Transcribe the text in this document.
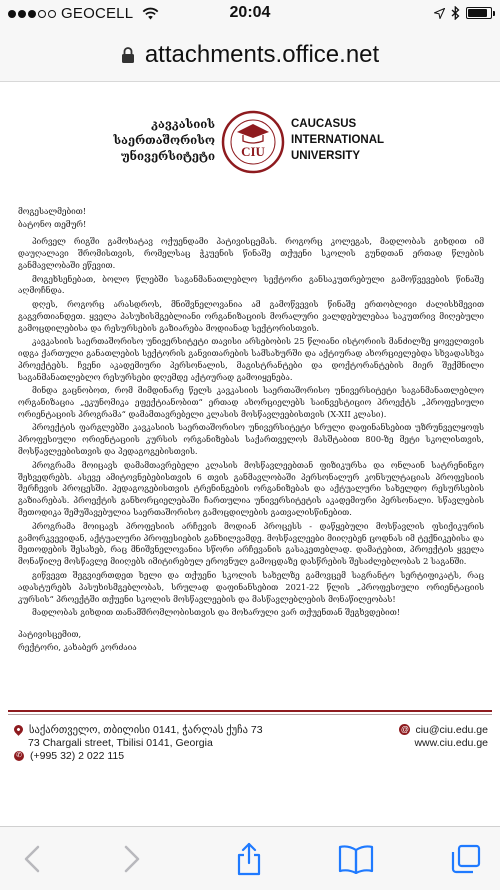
GEOCELL	20:04
attachments.office.net
კავკასიის
საერთაშორისო
უნივერსიტეტი CIU
CAUCASUS
INTERNATIONAL
UNIVERSITY

მოგესალმებით!

ბატონო თემურ!

პირველ რიგში გამოხატავ ოქუენდამი პატივისცემას. როგორც კოლეგას, მადლობას გიხდით იმ დაუღალავი შრომისთვის, რომელსაც ჭკუენის წინაშე თქუენი სკოლის გუნდთან ერთად წლების განმავლობაში ეწევით.

მოგეხსენებათ, ბოლო წლებში საგანმანათლებლო სექტორი განსაკუთრებული გამოწვევების წინაშე აღმოჩნდა.

დღეს, როგორც არასდროს, მნიშვნელოვანია ამ გამოწვევის წინაშე ერთობლივი ძალისხმევით გაგვრთიანდეთ. ყველა პასუხისმგებლიანი ორგანიზაციის მორალური ვალდებულებაა საკუთრივ მიღებული გამოცდილებისა და რესურსების გაზიარება მოდიანად სექტორისთვის.

კავკასიის საერთაშორისო უნივერსიტეტი თავისი არსებობის 25 წლიანი ისტორიის მანძილზე ყოველთვის იდგა ქართული განათლების სექტორის განვითარების სამსახურში და აქტიურად ახორციელებდა სხვადასხვა პროექტებს. ჩვენი აკადემიური პერსონალის, მაგისტრანტები და დოქტორანტების მიერ შექმნილი საგანმანათლებლო რესურსები დღემდე აქტიურად გამოიყენება.

მინდა გაცნობოთ, რომ მიმდინარე წელს კავკასიის საერთაშორისო უნივერსიტეტი საგანმანათლებლო ორგანიზაცია „ეკუნომიკა ეფექტიანობით“ ერთად ახორციელებს საინვესტიციო პროექტს „პროფესიული ორიენტაციის პროგრამა“ დამამთავრებელი კლასის მოსწავლეებისთვის (X-XII კლასი).

პროექტის ფარგლებში კავკასიის საერთაშორისო უნივერსიტეტი სრული დაფინანსებით უზრუნველყოფს პროფესიული ორიენტაციის კურსის ორგანიზებას საქართველოს მასშტაბით 800-ზე მეტი სკოლისთვის, მოსწავლეებისთვის და პედაგოგებისთვის.

პროგრამა მოიცავს დამამთავრებელი კლასის მოსწავლეებთან ფიზიკურსა და ონლაინ სატრენინგო შეხვედრებს. ასევე ამიტოვნებებისთვის 6 თვის განმავლობაში პერსონალურ კონსულტაციას პროფესიის შერჩევის პროცესში. პედაგოგებისთვის ტრენინგების ორგანიზებას და აქტუალური სახელდო რესურსების გაზიარებას. პროექტის განხორციელებაში ჩართულია უნივერსიტეტის აკადემიური პერსონალი. სწავლების მეთოდიკა შემუშავებულია საერთაშორისო გამოცდილების გათვალისწინებით.

პროგრამა მოიცავს პროფესიის არჩევის მოდიან პროცესს - დაწყებული მოსწავლის ფსიქიკურის გამორკვევიდან, აქტუალური პროფესიების განხილვამდე. მოსწავლეები მიიღებენ ცოდნას იმ ტექნიკებისა და მეთოდების შესახებ, რაც მნიშვნელოვანია სწორი არჩევანის გასაკეთებლად. დამატებით, პროექტის ყველა მონაწილე მოსწავლე მიიღებს იმიტირებულ ეროვნულ გამოცდაზე დასწრების შესაძლებლობას 2 საგანში.

გიწვევთ შეგვიერთდეთ ხელი და თქუენი სკოლის სახელზე გამოვცემ საგრანტო სერტიფიკატს, რაც ადასტურებს პასუხისმგებლობას, სრულად დაფინანსებით 2021-22 წლის „პროფესიული ორიენტაციის კურსის“ პროექტში თქუენი სკოლის მოსწავლეების და მასწავლებლების მონაწილეობას!

მადლობას გიხდით თანამშრომლობისთვის და მოხარული ვარ თქუენთან შეგხვდებით!

პატივისცემით,

რექტორი, კახაბერ კორძაია

საქართველო, თბილისი 0141, ჭარლას ქუჩა 73
73 Chargali street, Tbilisi 0141, Georgia
✆ (+995 32) 2 022 115
@ ciu@ciu.edu.ge
www.ciu.edu.ge
